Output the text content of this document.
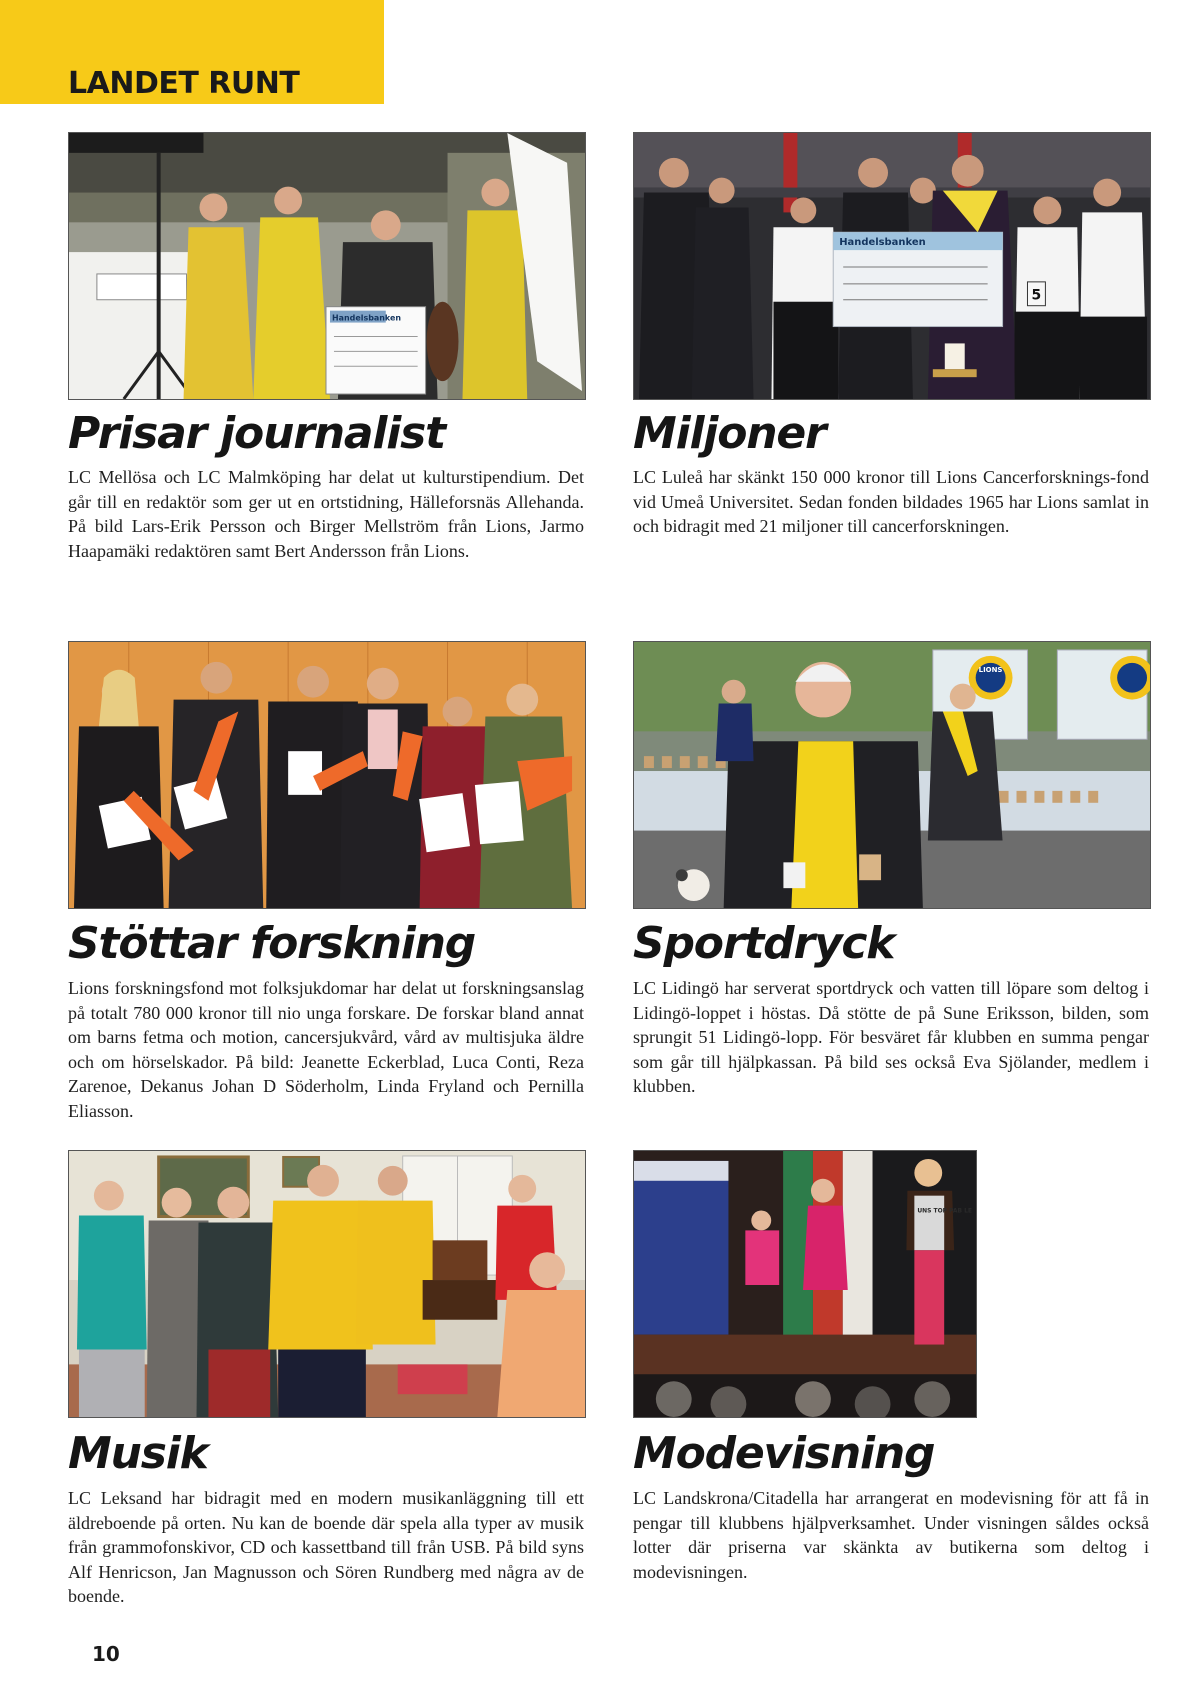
LANDET RUNT
Handelsbanken
Prisar journalist

LC Mellösa och LC Malmköping har delat ut kulturstipendium. Det går till en redaktör som ger ut en ortstidning, Hälleforsnäs Allehanda. På bild Lars-Erik Persson och Birger Mellström från Lions, Jarmo Haapamäki redaktören samt Bert Andersson från Lions.

Handelsbanken
5
Miljoner

LC Luleå har skänkt 150 000 kronor till Lions Cancerforsknings-fond vid Umeå Universitet. Sedan fonden bildades 1965 har Lions samlat in och bidragit med 21 miljoner till cancerforskningen.

Stöttar forskning

Lions forskningsfond mot folksjukdomar har delat ut forskningsanslag på totalt 780 000 kronor till nio unga forskare. De forskar bland annat om barns fetma och motion, cancersjukvård, vård av multisjuka äldre och om hörselskador. På bild: Jeanette Eckerblad, Luca Conti, Reza Zarenoe, Dekanus Johan D Söderholm, Linda Fryland och Pernilla Eliasson.

LIONS
Sportdryck

LC Lidingö har serverat sportdryck och vatten till löpare som deltog i Lidingö-loppet i höstas. Då stötte de på Sune Eriksson, bilden, som sprungit 51 Lidingö-lopp. För besväret får klubben en summa pengar som går till hjälpkassan. På bild ses också Eva Sjölander, medlem i klubben.

Musik

LC Leksand har bidragit med en modern musikanläggning till ett äldreboende på orten. Nu kan de boende där spela alla typer av musik från grammofonskivor, CD och kassettband till från USB. På bild syns Alf Henricson, Jan Magnusson och Sören Rundberg med några av de boende.

UNS TOP PAB LE
Modevisning

LC Landskrona/Citadella har arrangerat en modevisning för att få in pengar till klubbens hjälpverksamhet. Under visningen såldes också lotter där priserna var skänkta av butikerna som deltog i modevisningen.

10
